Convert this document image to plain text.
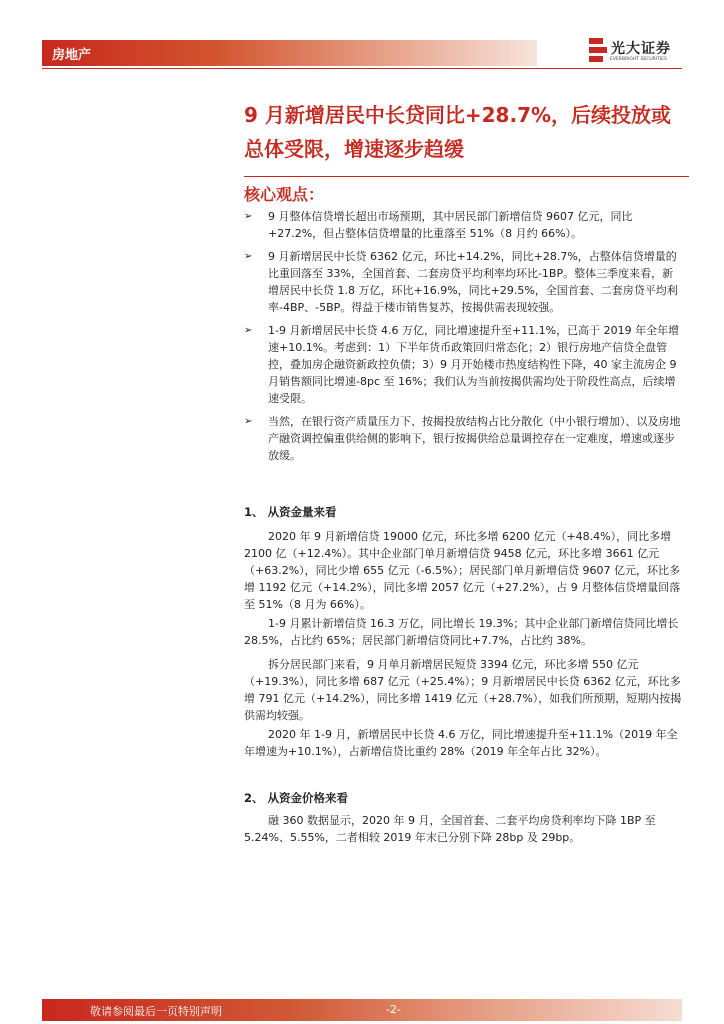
房地产	光大证券
EVERBRIGHT SECURITIES
9 月新增居民中长贷同比+28.7%，后续投放或总体受限，增速逐步趋缓
核心观点：
➢ 9 月整体信贷增长超出市场预期，其中居民部门新增信贷 9607 亿元，同比+27.2%，但占整体信贷增量的比重落至 51%（8 月约 66%）。
➢ 9 月新增居民中长贷 6362 亿元，环比+14.2%，同比+28.7%，占整体信贷增量的比重回落至 33%，全国首套、二套房贷平均利率均环比-1BP。整体三季度来看，新增居民中长贷 1.8 万亿，环比+16.9%，同比+29.5%，全国首套、二套房贷平均利率-4BP、-5BP。得益于楼市销售复苏，按揭供需表现较强。
➢ 1-9 月新增居民中长贷 4.6 万亿，同比增速提升至+11.1%，已高于 2019 年全年增速+10.1%。考虑到：1）下半年货币政策回归常态化；2）银行房地产信贷全盘管控，叠加房企融资新政控负债；3）9 月开始楼市热度结构性下降，40 家主流房企 9 月销售额同比增速-8pc 至 16%；我们认为当前按揭供需均处于阶段性高点，后续增速受限。
➢ 当然，在银行资产质量压力下、按揭投放结构占比分散化（中小银行增加）、以及房地产融资调控偏重供给侧的影响下，银行按揭供给总量调控存在一定难度，增速或逐步放缓。
1、 从资金量来看

2020 年 9 月新增信贷 19000 亿元，环比多增 6200 亿元（+48.4%），同比多增 2100 亿（+12.4%）。其中企业部门单月新增信贷 9458 亿元，环比多增 3661 亿元（+63.2%），同比少增 655 亿元（-6.5%）；居民部门单月新增信贷 9607 亿元，环比多增 1192 亿元（+14.2%），同比多增 2057 亿元（+27.2%），占 9 月整体信贷增量回落至 51%（8 月为 66%）。

1-9 月累计新增信贷 16.3 万亿，同比增长 19.3%；其中企业部门新增信贷同比增长 28.5%，占比约 65%；居民部门新增信贷同比+7.7%，占比约 38%。

拆分居民部门来看，9 月单月新增居民短贷 3394 亿元，环比多增 550 亿元（+19.3%），同比多增 687 亿元（+25.4%）；9 月新增居民中长贷 6362 亿元，环比多增 791 亿元（+14.2%），同比多增 1419 亿元（+28.7%），如我们所预期，短期内按揭供需均较强。

2020 年 1-9 月，新增居民中长贷 4.6 万亿，同比增速提升至+11.1%（2019 年全年增速为+10.1%），占新增信贷比重约 28%（2019 年全年占比 32%）。

2、 从资金价格来看

融 360 数据显示，2020 年 9 月，全国首套、二套平均房贷利率均下降 1BP 至 5.24%、5.55%，二者相较 2019 年末已分别下降 28bp 及 29bp。

敬请参阅最后一页特别声明	-2-
